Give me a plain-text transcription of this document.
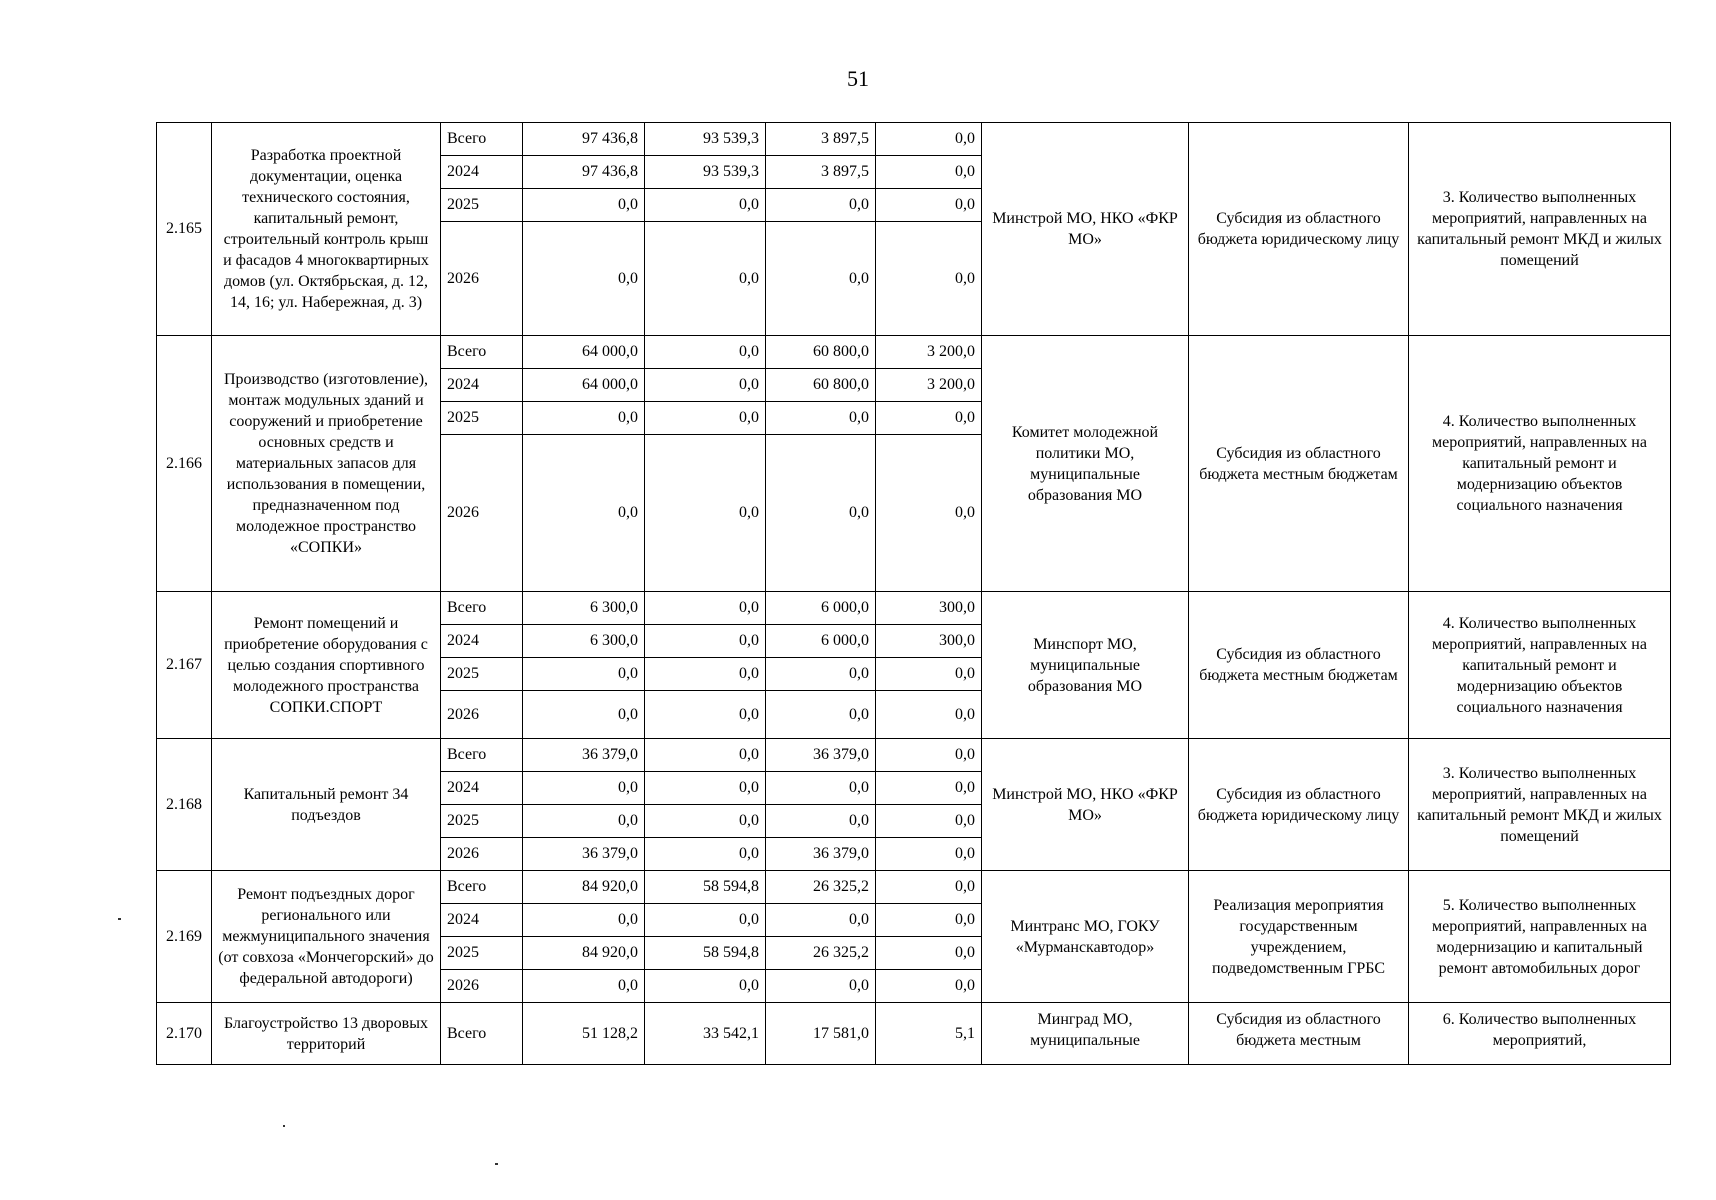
51
2.165	Разработка проектной документации, оценка технического состояния, капитальный ремонт, строительный контроль крыш и фасадов 4 многоквартирных домов (ул. Октябрьская, д. 12, 14, 16; ул. Набережная, д. 3)	Всего	97 436,8	93 539,3	3 897,5	0,0	Минстрой МО, НКО «ФКР МО»	Субсидия из областного бюджета юридическому лицу	3. Количество выполненных мероприятий, направленных на капитальный ремонт МКД и жилых помещений
		2024	97 436,8	93 539,3	3 897,5	0,0			
		2025	0,0	0,0	0,0	0,0			
		2026	0,0	0,0	0,0	0,0			
2.166	Производство (изготовление), монтаж модульных зданий и сооружений и приобретение основных средств и материальных запасов для использования в помещении, предназначенном под молодежное пространство «СОПКИ»	Всего	64 000,0	0,0	60 800,0	3 200,0	Комитет молодежной политики МО, муниципальные образования МО	Субсидия из областного бюджета местным бюджетам	4. Количество выполненных мероприятий, направленных на капитальный ремонт и модернизацию объектов социального назначения
		2024	64 000,0	0,0	60 800,0	3 200,0			
		2025	0,0	0,0	0,0	0,0			
		2026	0,0	0,0	0,0	0,0			
2.167	Ремонт помещений и приобретение оборудования с целью создания спортивного молодежного пространства СОПКИ.СПОРТ	Всего	6 300,0	0,0	6 000,0	300,0	Минспорт МО, муниципальные образования МО	Субсидия из областного бюджета местным бюджетам	4. Количество выполненных мероприятий, направленных на капитальный ремонт и модернизацию объектов социального назначения
		2024	6 300,0	0,0	6 000,0	300,0			
		2025	0,0	0,0	0,0	0,0			
		2026	0,0	0,0	0,0	0,0			
2.168	Капитальный ремонт 34 подъездов	Всего	36 379,0	0,0	36 379,0	0,0	Минстрой МО, НКО «ФКР МО»	Субсидия из областного бюджета юридическому лицу	3. Количество выполненных мероприятий, направленных на капитальный ремонт МКД и жилых помещений
		2024	0,0	0,0	0,0	0,0			
		2025	0,0	0,0	0,0	0,0			
		2026	36 379,0	0,0	36 379,0	0,0			
2.169	Ремонт подъездных дорог регионального или межмуниципального значения (от совхоза «Мончегорский» до федеральной автодороги)	Всего	84 920,0	58 594,8	26 325,2	0,0	Минтранс МО, ГОКУ «Мурманскавтодор»	Реализация мероприятия государственным учреждением, подведомственным ГРБС	5. Количество выполненных мероприятий, направленных на модернизацию и капитальный ремонт автомобильных дорог
		2024	0,0	0,0	0,0	0,0			
		2025	84 920,0	58 594,8	26 325,2	0,0			
		2026	0,0	0,0	0,0	0,0			
2.170	Благоустройство 13 дворовых территорий	Всего	51 128,2	33 542,1	17 581,0	5,1	Минград МО, муниципальные	Субсидия из областного бюджета местным	6. Количество выполненных мероприятий,
